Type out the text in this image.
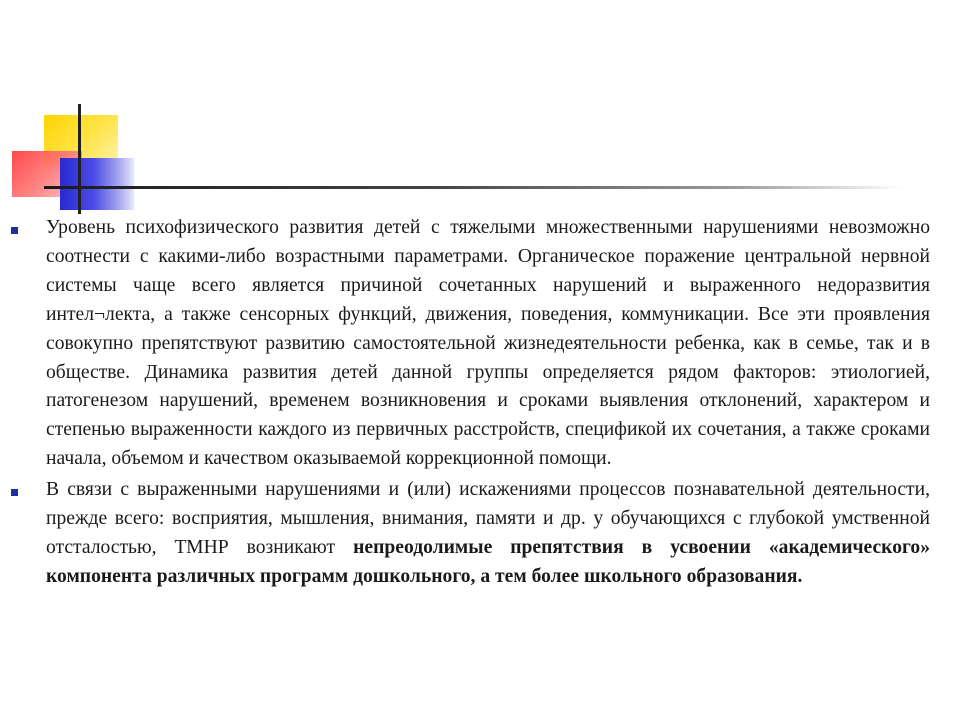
Уровень психофизического развития детей с тяжелыми множественными нарушениями невозможно соотнести с какими-либо возрастными параметрами. Органическое поражение центральной нервной системы чаще всего является причиной сочетанных нарушений и выраженного недоразвития интел¬лекта, а также сенсорных функций, движения, поведения, коммуникации. Все эти проявления совокупно препятствуют развитию самостоятельной жизнедеятельности ребенка, как в семье, так и в обществе. Динамика развития детей данной группы определяется рядом факторов: этиологией, патогенезом нарушений, временем возникновения и сроками выявления отклонений, характером и степенью выраженности каждого из первичных расстройств, спецификой их сочетания, а также сроками начала, объемом и качеством оказываемой коррекционной помощи.

В связи с выраженными нарушениями и (или) искажениями процессов познавательной деятельности, прежде всего: восприятия, мышления, внимания, памяти и др. у обучающихся с глубокой умственной отсталостью, ТМНР возникают непреодолимые препятствия в усвоении «академического» компонента различных программ дошкольного, а тем более школьного образования.
